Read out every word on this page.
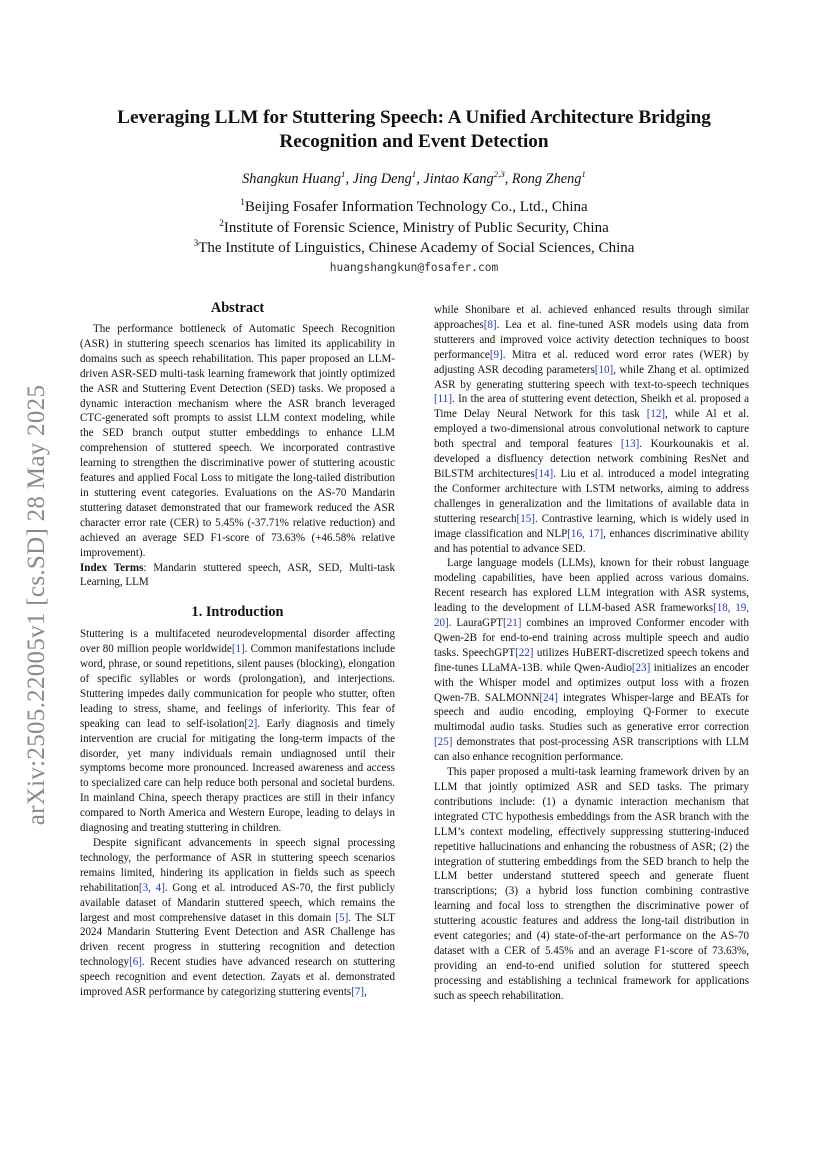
arXiv:2505.22005v1 [cs.SD] 28 May 2025
Leveraging LLM for Stuttering Speech: A Unified Architecture Bridging
Recognition and Event Detection
Shangkun Huang$^1$, Jing Deng$^1$, Jintao Kang$^{2,3}$, Rong Zheng$^1$
$^1$Beijing Fosafer Information Technology Co., Ltd., China
$^2$Institute of Forensic Science, Ministry of Public Security, China
$^3$The Institute of Linguistics, Chinese Academy of Social Sciences, China
huangshangkun@fosafer.com
Abstract

The performance bottleneck of Automatic Speech Recognition (ASR) in stuttering speech scenarios has limited its applicability in domains such as speech rehabilitation. This paper proposed an LLM-driven ASR-SED multi-task learning framework that jointly optimized the ASR and Stuttering Event Detection (SED) tasks. We proposed a dynamic interaction mechanism where the ASR branch leveraged CTC-generated soft prompts to assist LLM context modeling, while the SED branch output stutter embeddings to enhance LLM comprehension of stuttered speech. We incorporated contrastive learning to strengthen the discriminative power of stuttering acoustic features and applied Focal Loss to mitigate the long-tailed distribution in stuttering event categories. Evaluations on the AS-70 Mandarin stuttering dataset demonstrated that our framework reduced the ASR character error rate (CER) to 5.45% (-37.71% relative reduction) and achieved an average SED F1-score of 73.63% (+46.58% relative improvement).

Index Terms: Mandarin stuttered speech, ASR, SED, Multi-task Learning, LLM

1. Introduction

Stuttering is a multifaceted neurodevelopmental disorder affecting over 80 million people worldwide[1]. Common manifestations include word, phrase, or sound repetitions, silent pauses (blocking), elongation of specific syllables or words (prolongation), and interjections. Stuttering impedes daily communication for people who stutter, often leading to stress, shame, and feelings of inferiority. This fear of speaking can lead to self-isolation[2]. Early diagnosis and timely intervention are crucial for mitigating the long-term impacts of the disorder, yet many individuals remain undiagnosed until their symptoms become more pronounced. Increased awareness and access to specialized care can help reduce both personal and societal burdens. In mainland China, speech therapy practices are still in their infancy compared to North America and Western Europe, leading to delays in diagnosing and treating stuttering in children.

Despite significant advancements in speech signal processing technology, the performance of ASR in stuttering speech scenarios remains limited, hindering its application in fields such as speech rehabilitation[3, 4]. Gong et al. introduced AS-70, the first publicly available dataset of Mandarin stuttered speech, which remains the largest and most comprehensive dataset in this domain [5]. The SLT 2024 Mandarin Stuttering Event Detection and ASR Challenge has driven recent progress in stuttering recognition and detection technology[6]. Recent studies have advanced research on stuttering speech recognition and event detection. Zayats et al. demonstrated improved ASR performance by categorizing stuttering events[7],

while Shonibare et al. achieved enhanced results through similar approaches[8]. Lea et al. fine-tuned ASR models using data from stutterers and improved voice activity detection techniques to boost performance[9]. Mitra et al. reduced word error rates (WER) by adjusting ASR decoding parameters[10], while Zhang et al. optimized ASR by generating stuttering speech with text-to-speech techniques [11]. In the area of stuttering event detection, Sheikh et al. proposed a Time Delay Neural Network for this task [12], while Al et al. employed a two-dimensional atrous convolutional network to capture both spectral and temporal features [13]. Kourkounakis et al. developed a disfluency detection network combining ResNet and BiLSTM architectures[14]. Liu et al. introduced a model integrating the Conformer architecture with LSTM networks, aiming to address challenges in generalization and the limitations of available data in stuttering research[15]. Contrastive learning, which is widely used in image classification and NLP[16, 17], enhances discriminative ability and has potential to advance SED.

Large language models (LLMs), known for their robust language modeling capabilities, have been applied across various domains. Recent research has explored LLM integration with ASR systems, leading to the development of LLM-based ASR frameworks[18, 19, 20]. LauraGPT[21] combines an improved Conformer encoder with Qwen-2B for end-to-end training across multiple speech and audio tasks. SpeechGPT[22] utilizes HuBERT-discretized speech tokens and fine-tunes LLaMA-13B. while Qwen-Audio[23] initializes an encoder with the Whisper model and optimizes output loss with a frozen Qwen-7B. SALMONN[24] integrates Whisper-large and BEATs for speech and audio encoding, employing Q-Former to execute multimodal audio tasks. Studies such as generative error correction [25] demonstrates that post-processing ASR transcriptions with LLM can also enhance recognition performance.

This paper proposed a multi-task learning framework driven by an LLM that jointly optimized ASR and SED tasks. The primary contributions include: (1) a dynamic interaction mechanism that integrated CTC hypothesis embeddings from the ASR branch with the LLM’s context modeling, effectively suppressing stuttering-induced repetitive hallucinations and enhancing the robustness of ASR; (2) the integration of stuttering embeddings from the SED branch to help the LLM better understand stuttered speech and generate fluent transcriptions; (3) a hybrid loss function combining contrastive learning and focal loss to strengthen the discriminative power of stuttering acoustic features and address the long-tail distribution in event categories; and (4) state-of-the-art performance on the AS-70 dataset with a CER of 5.45% and an average F1-score of 73.63%, providing an end-to-end unified solution for stuttered speech processing and establishing a technical framework for applications such as speech rehabilitation.
